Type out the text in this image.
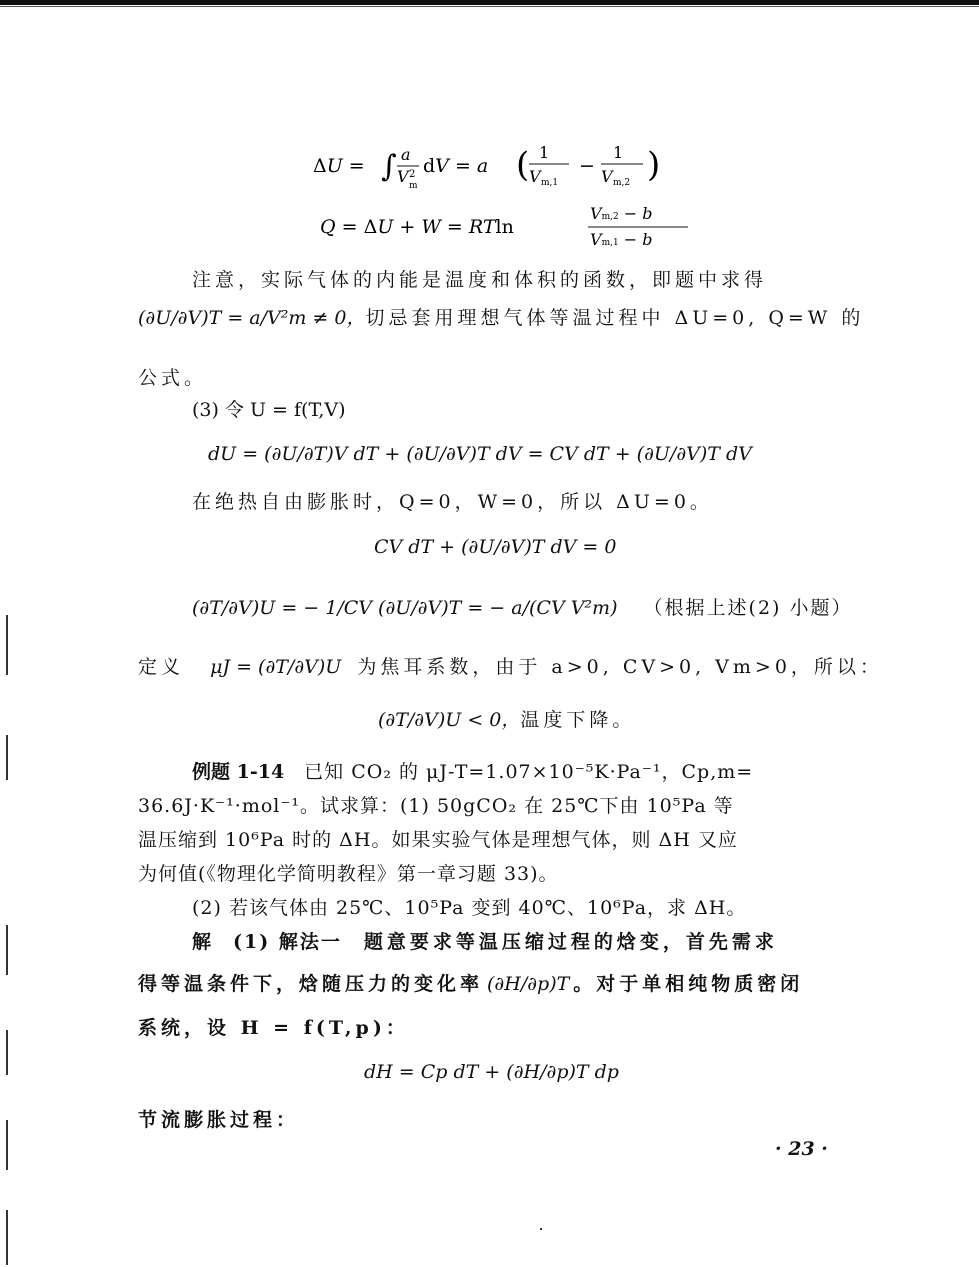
ΔU = ∫ a
V 2
m
dV = a ( 1
V m,1
−
1
V m,2 )
Q = ΔU + W = RTln
Vm,2 − b
Vm,1 − b
注意，实际气体的内能是温度和体积的函数，即题中求得
(∂U/∂V)T = a/V²m ≠ 0，切忌套用理想气体等温过程中 ΔU=0, Q=W 的
公式。
(3) 令 U = f(T,V)
dU = (∂U/∂T)V dT + (∂U/∂V)T dV = CV dT + (∂U/∂V)T dV
在绝热自由膨胀时，Q=0，W=0，所以 ΔU=0。
CV dT + (∂U/∂V)T dV = 0
(∂T/∂V)U = − 1/CV (∂U/∂V)T = − a/(CV V²m) （根据上述(2) 小题）
定义 μJ = (∂T/∂V)U 为焦耳系数，由于 a>0, CV>0, Vm>0，所以：
(∂T/∂V)U < 0，温度下降。
例题 1-14 已知 CO₂ 的 μJ-T=1.07×10⁻⁵K·Pa⁻¹，Cp,m=
36.6J·K⁻¹·mol⁻¹。试求算：(1) 50gCO₂ 在 25℃下由 10⁵Pa 等
温压缩到 10⁶Pa 时的 ΔH。如果实验气体是理想气体，则 ΔH 又应
为何值(《物理化学简明教程》第一章习题 33)。
(2) 若该气体由 25℃、10⁵Pa 变到 40℃、10⁶Pa，求 ΔH。
解 (1) 解法一 题意要求等温压缩过程的焓变，首先需求
得等温条件下，焓随压力的变化率 (∂H/∂p)T 。对于单相纯物质密闭
系统，设 H = f(T,p)：
dH = Cp dT + (∂H/∂p)T dp
节流膨胀过程：
· 23 ·
